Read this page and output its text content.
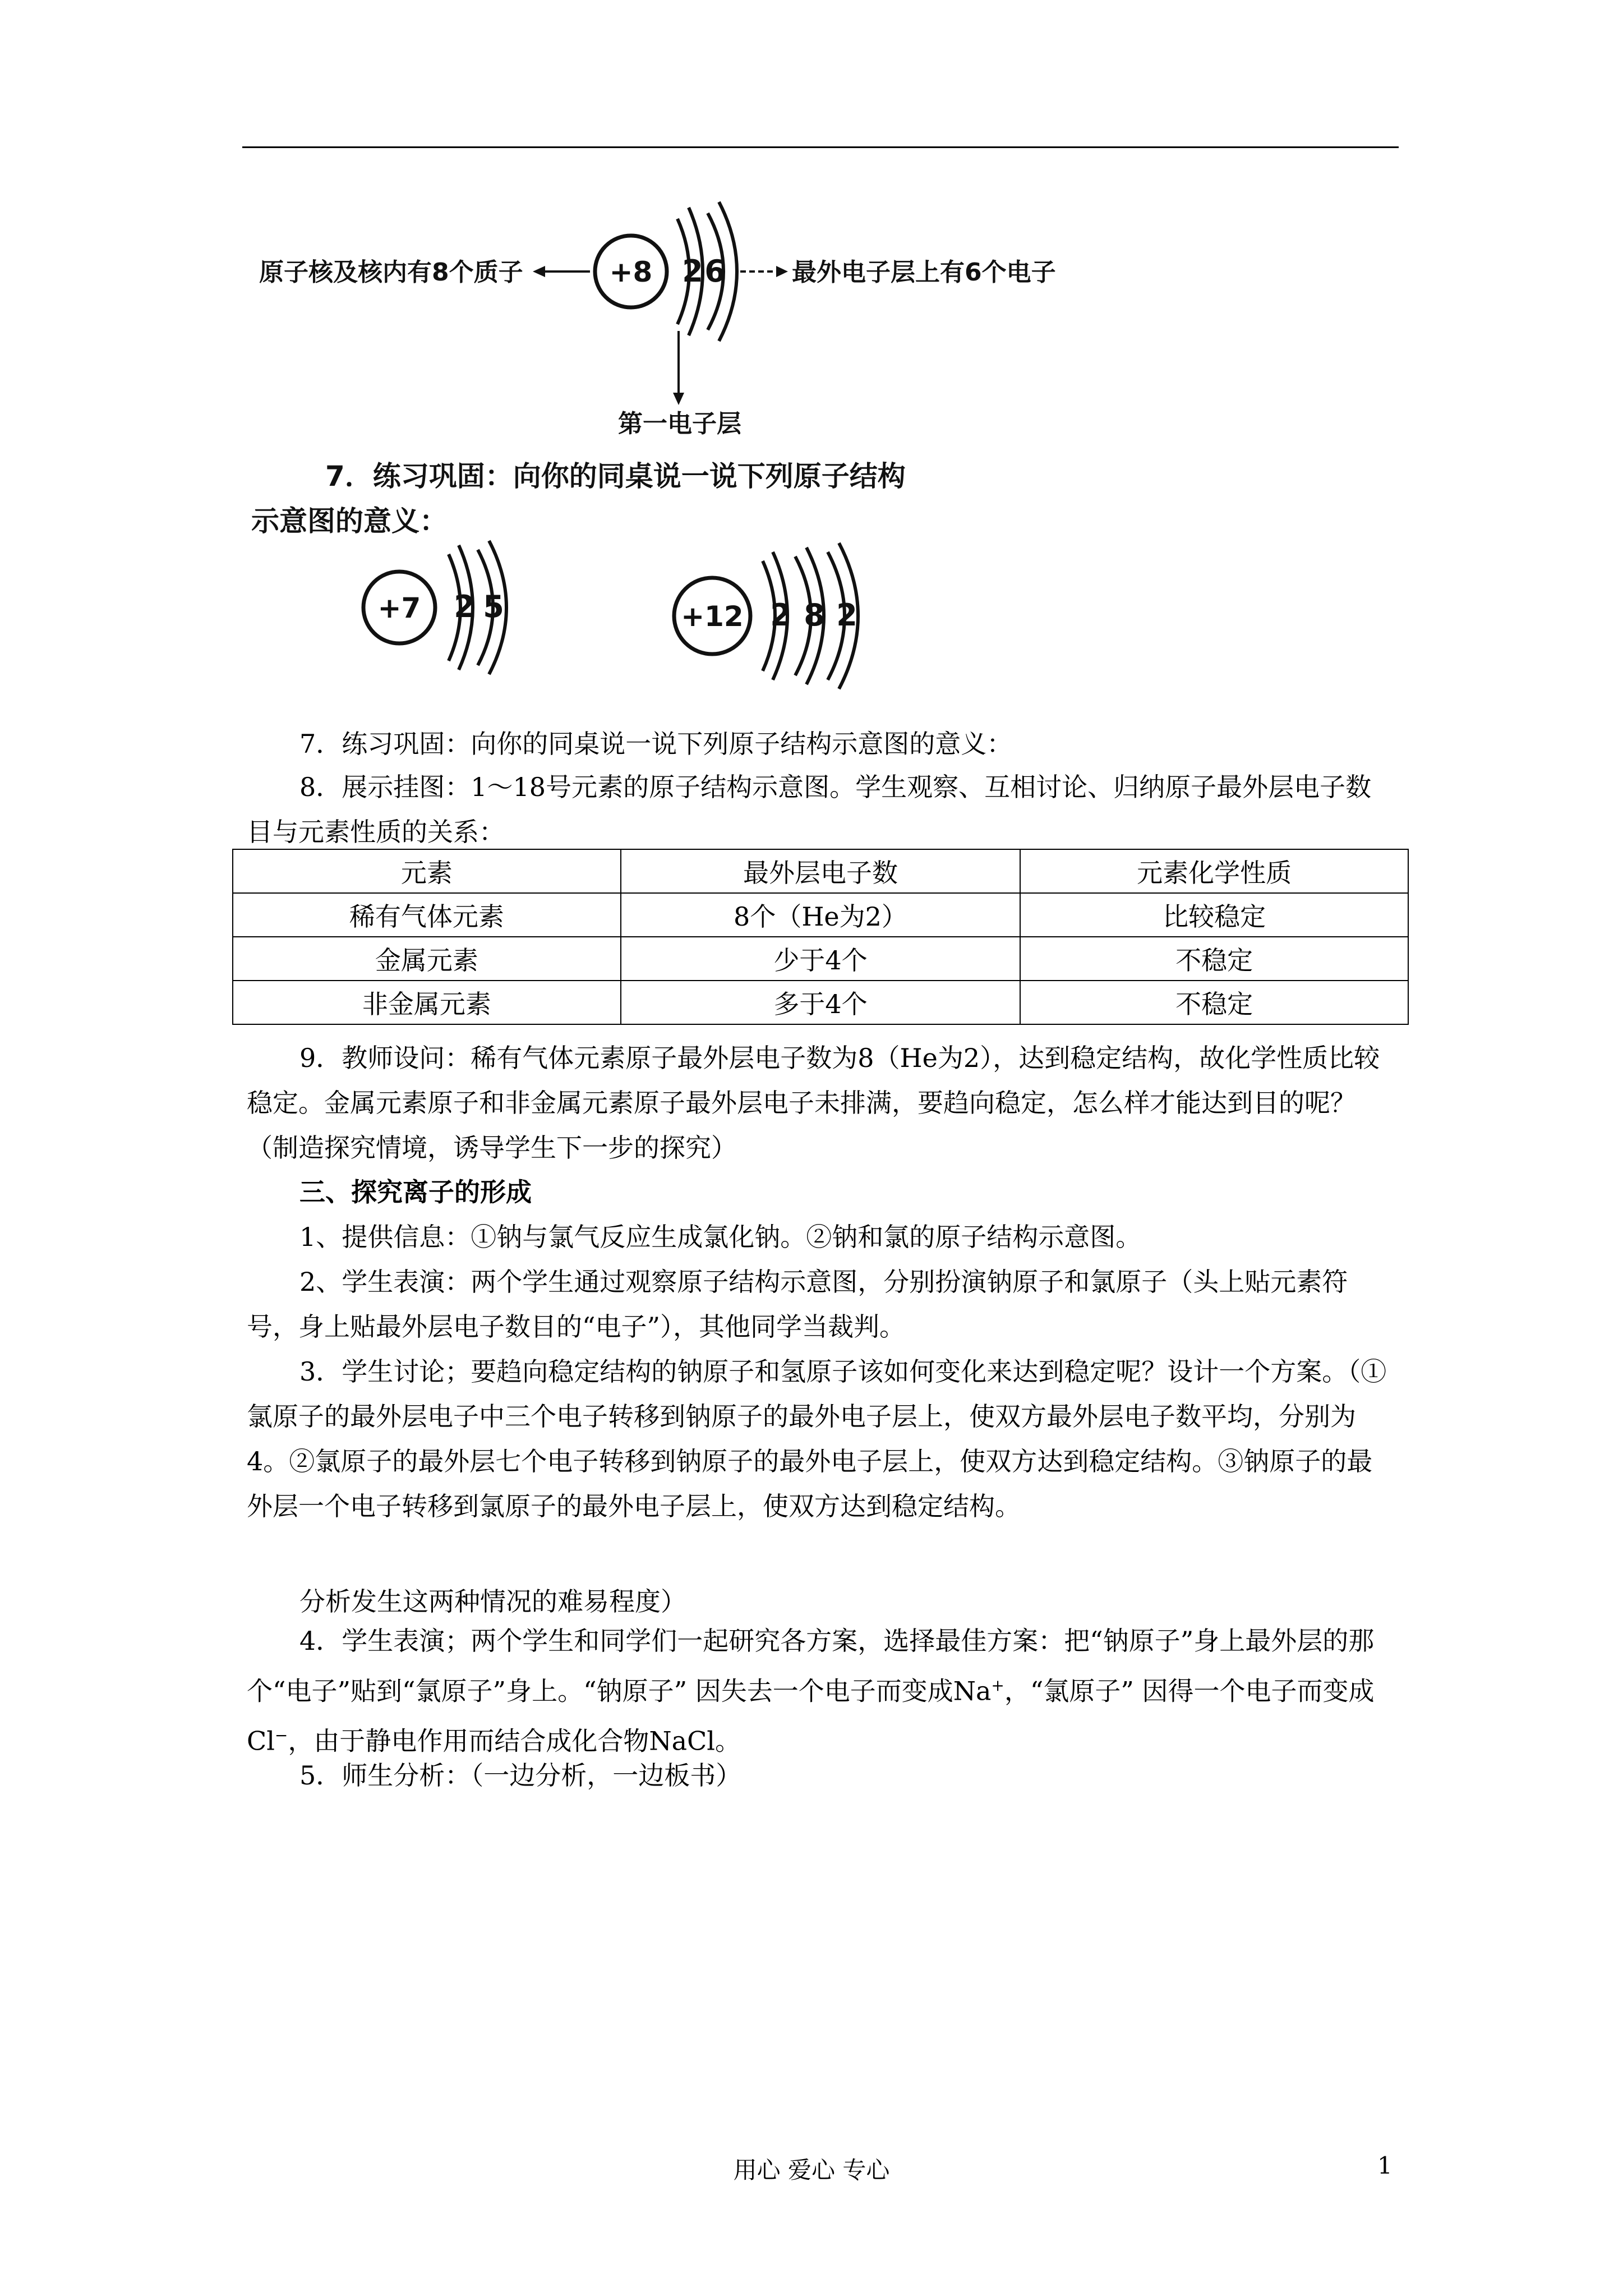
原子核及核内有8个质子	+8 2 6	最外电子层上有6个电子
第一电子层
7．练习巩固：向你的同桌说一说下列原子结构
示意图的意义：
+7 2 5	+12 2 8 2

7．练习巩固：向你的同桌说一说下列原子结构示意图的意义：

8．展示挂图：1～18号元素的原子结构示意图。学生观察、互相讨论、归纳原子最外层电子数目与元素性质的关系：

元素	最外层电子数	元素化学性质
稀有气体元素	8个（He为2）	比较稳定
金属元素	少于4个	不稳定
非金属元素	多于4个	不稳定

9．教师设问：稀有气体元素原子最外层电子数为8（He为2），达到稳定结构，故化学性质比较稳定。金属元素原子和非金属元素原子最外层电子未排满，要趋向稳定，怎么样才能达到目的呢？（制造探究情境，诱导学生下一步的探究）

三、探究离子的形成

1、提供信息：①钠与氯气反应生成氯化钠。②钠和氯的原子结构示意图。

2、学生表演：两个学生通过观察原子结构示意图，分别扮演钠原子和氯原子（头上贴元素符号，身上贴最外层电子数目的“电子”），其他同学当裁判。

3．学生讨论；要趋向稳定结构的钠原子和氢原子该如何变化来达到稳定呢？设计一个方案。（①氯原子的最外层电子中三个电子转移到钠原子的最外电子层上，使双方最外层电子数平均，分别为4。②氯原子的最外层七个电子转移到钠原子的最外电子层上，使双方达到稳定结构。③钠原子的最外层一个电子转移到氯原子的最外电子层上，使双方达到稳定结构。

分析发生这两种情况的难易程度）

4．学生表演；两个学生和同学们一起研究各方案，选择最佳方案：把“钠原子”身上最外层的那个“电子”贴到“氯原子”身上。“钠原子” 因失去一个电子而变成Na+，“氯原子” 因得一个电子而变成Cl−，由于静电作用而结合成化合物NaCl。

5．师生分析：（一边分析，一边板书）

用心 爱心 专心	1
